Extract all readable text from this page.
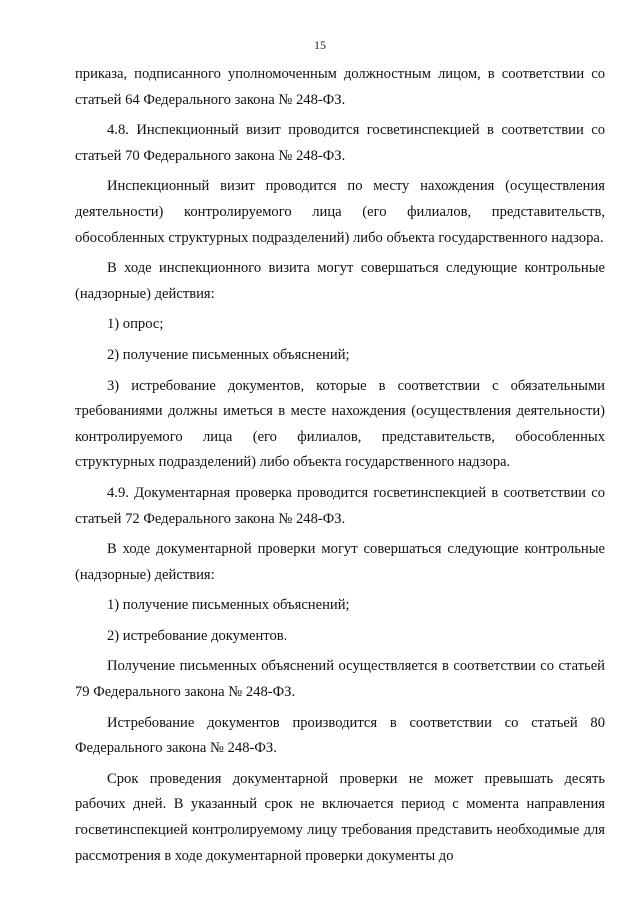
15

приказа, подписанного уполномоченным должностным лицом, в соответствии со статьей 64 Федерального закона № 248-ФЗ.

4.8. Инспекционный визит проводится госветинспекцией в соответствии со статьей 70 Федерального закона № 248-ФЗ.

Инспекционный визит проводится по месту нахождения (осуществления деятельности) контролируемого лица (его филиалов, представительств, обособленных структурных подразделений) либо объекта государственного надзора.

В ходе инспекционного визита могут совершаться следующие контрольные (надзорные) действия:

1) опрос;

2) получение письменных объяснений;

3) истребование документов, которые в соответствии с обязательными требованиями должны иметься в месте нахождения (осуществления деятельности) контролируемого лица (его филиалов, представительств, обособленных структурных подразделений) либо объекта государственного надзора.

4.9. Документарная проверка проводится госветинспекцией в соответствии со статьей 72 Федерального закона № 248-ФЗ.

В ходе документарной проверки могут совершаться следующие контрольные (надзорные) действия:

1) получение письменных объяснений;

2) истребование документов.

Получение письменных объяснений осуществляется в соответствии со статьей 79 Федерального закона № 248-ФЗ.

Истребование документов производится в соответствии со статьей 80 Федерального закона № 248-ФЗ.

Срок проведения документарной проверки не может превышать десять рабочих дней. В указанный срок не включается период с момента направления госветинспекцией контролируемому лицу требования представить необходимые для рассмотрения в ходе документарной проверки документы до
